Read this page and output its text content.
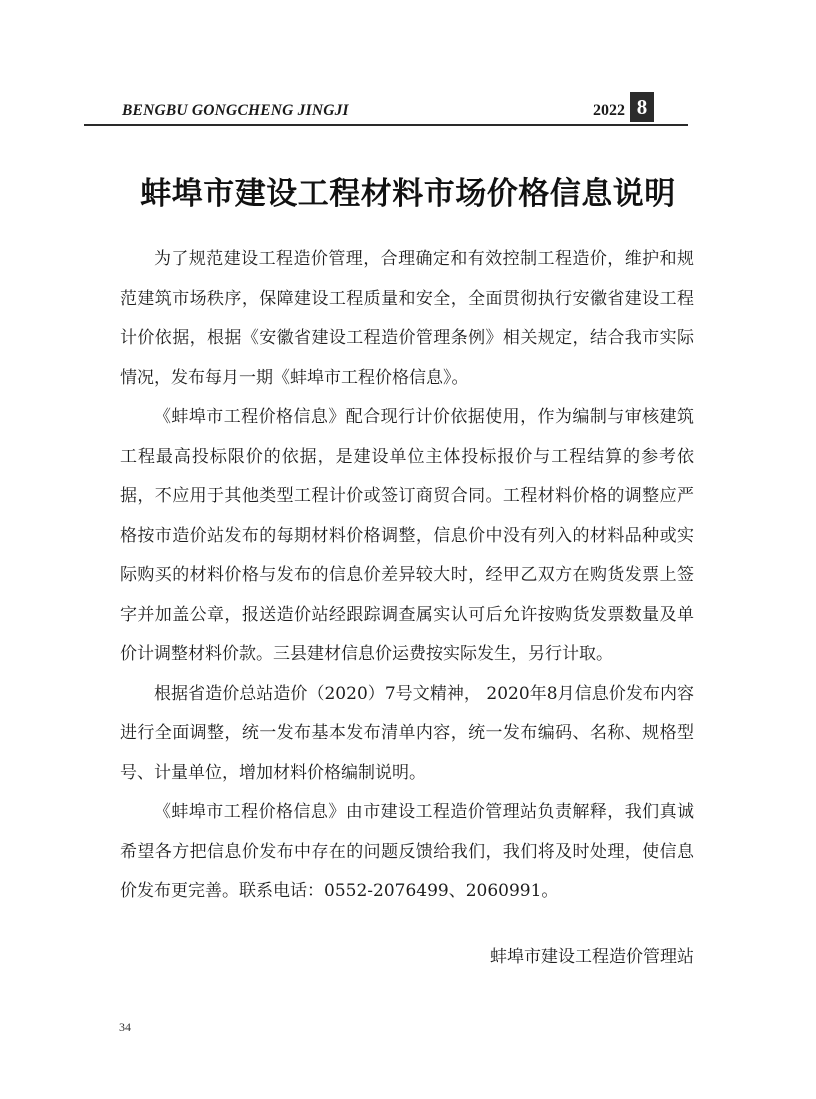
BENGBU GONGCHENG JINGJI	2022 8
蚌埠市建设工程材料市场价格信息说明

为了规范建设工程造价管理，合理确定和有效控制工程造价，维护和规范建筑市场秩序，保障建设工程质量和安全，全面贯彻执行安徽省建设工程计价依据，根据《安徽省建设工程造价管理条例》相关规定，结合我市实际情况，发布每月一期《蚌埠市工程价格信息》。

《蚌埠市工程价格信息》配合现行计价依据使用，作为编制与审核建筑工程最高投标限价的依据，是建设单位主体投标报价与工程结算的参考依据，不应用于其他类型工程计价或签订商贸合同。工程材料价格的调整应严格按市造价站发布的每期材料价格调整，信息价中没有列入的材料品种或实际购买的材料价格与发布的信息价差异较大时，经甲乙双方在购货发票上签字并加盖公章，报送造价站经跟踪调查属实认可后允许按购货发票数量及单价计调整材料价款。三县建材信息价运费按实际发生，另行计取。

根据省造价总站造价（2020）7号文精神， 2020年8月信息价发布内容进行全面调整，统一发布基本发布清单内容，统一发布编码、名称、规格型号、计量单位，增加材料价格编制说明。

《蚌埠市工程价格信息》由市建设工程造价管理站负责解释，我们真诚希望各方把信息价发布中存在的问题反馈给我们，我们将及时处理，使信息价发布更完善。联系电话：0552-2076499、2060991。

蚌埠市建设工程造价管理站
34
